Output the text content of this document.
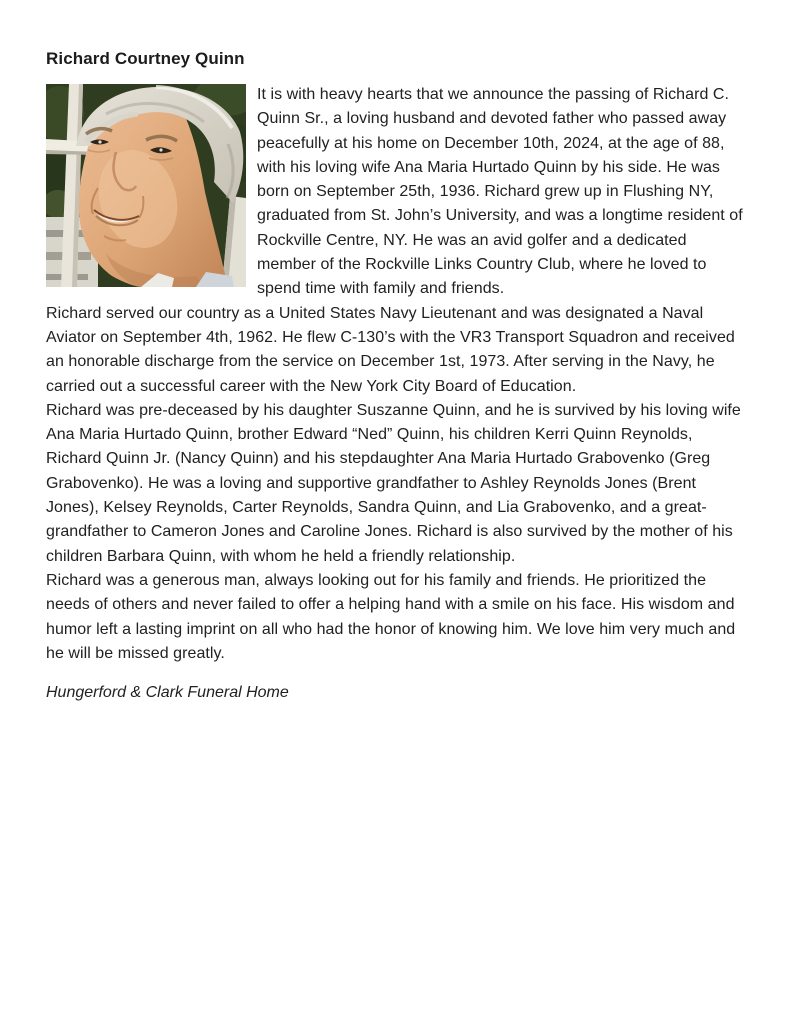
Richard Courtney Quinn

It is with heavy hearts that we announce the passing of Richard C. Quinn Sr., a loving husband and devoted father who passed away peacefully at his home on December 10th, 2024, at the age of 88, with his loving wife Ana Maria Hurtado Quinn by his side. He was born on September 25th, 1936. Richard grew up in Flushing NY, graduated from St. John’s University, and was a longtime resident of Rockville Centre, NY. He was an avid golfer and a dedicated member of the Rockville Links Country Club, where he loved to spend time with family and friends.

Richard served our country as a United States Navy Lieutenant and was designated a Naval Aviator on September 4th, 1962. He flew C-130’s with the VR3 Transport Squadron and received an honorable discharge from the service on December 1st, 1973. After serving in the Navy, he carried out a successful career with the New York City Board of Education.

Richard was pre-deceased by his daughter Suszanne Quinn, and he is survived by his loving wife Ana Maria Hurtado Quinn, brother Edward “Ned” Quinn, his children Kerri Quinn Reynolds, Richard Quinn Jr. (Nancy Quinn) and his stepdaughter Ana Maria Hurtado Grabovenko (Greg Grabovenko). He was a loving and supportive grandfather to Ashley Reynolds Jones (Brent Jones), Kelsey Reynolds, Carter Reynolds, Sandra Quinn, and Lia Grabovenko, and a great-grandfather to Cameron Jones and Caroline Jones. Richard is also survived by the mother of his children Barbara Quinn, with whom he held a friendly relationship.

Richard was a generous man, always looking out for his family and friends. He prioritized the needs of others and never failed to offer a helping hand with a smile on his face. His wisdom and humor left a lasting imprint on all who had the honor of knowing him. We love him very much and he will be missed greatly.

Hungerford & Clark Funeral Home
